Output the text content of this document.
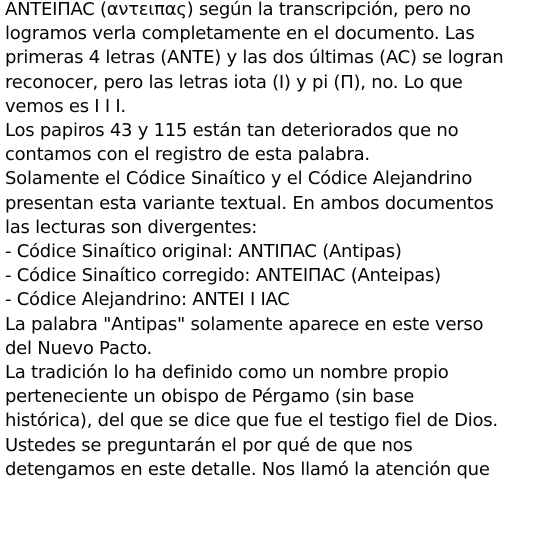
ANTEIΠAC (αντειπας) según la transcripción, pero no
logramos verla completamente en el documento. Las
primeras 4 letras (ANTE) y las dos últimas (AC) se logran
reconocer, pero las letras iota (I) y pi (Π), no. Lo que
vemos es I I I.
Los papiros 43 y 115 están tan deteriorados que no
contamos con el registro de esta palabra.
Solamente el Códice Sinaítico y el Códice Alejandrino
presentan esta variante textual. En ambos documentos
las lecturas son divergentes:
- Códice Sinaítico original: ANTIΠAC (Antipas)
- Códice Sinaítico corregido: ANTEIΠAC (Anteipas)
- Códice Alejandrino: ANTEI I IAC
La palabra "Antipas" solamente aparece en este verso
del Nuevo Pacto.
La tradición lo ha definido como un nombre propio
perteneciente un obispo de Pérgamo (sin base
histórica), del que se dice que fue el testigo fiel de Dios.
Ustedes se preguntarán el por qué de que nos
detengamos en este detalle. Nos llamó la atención que
